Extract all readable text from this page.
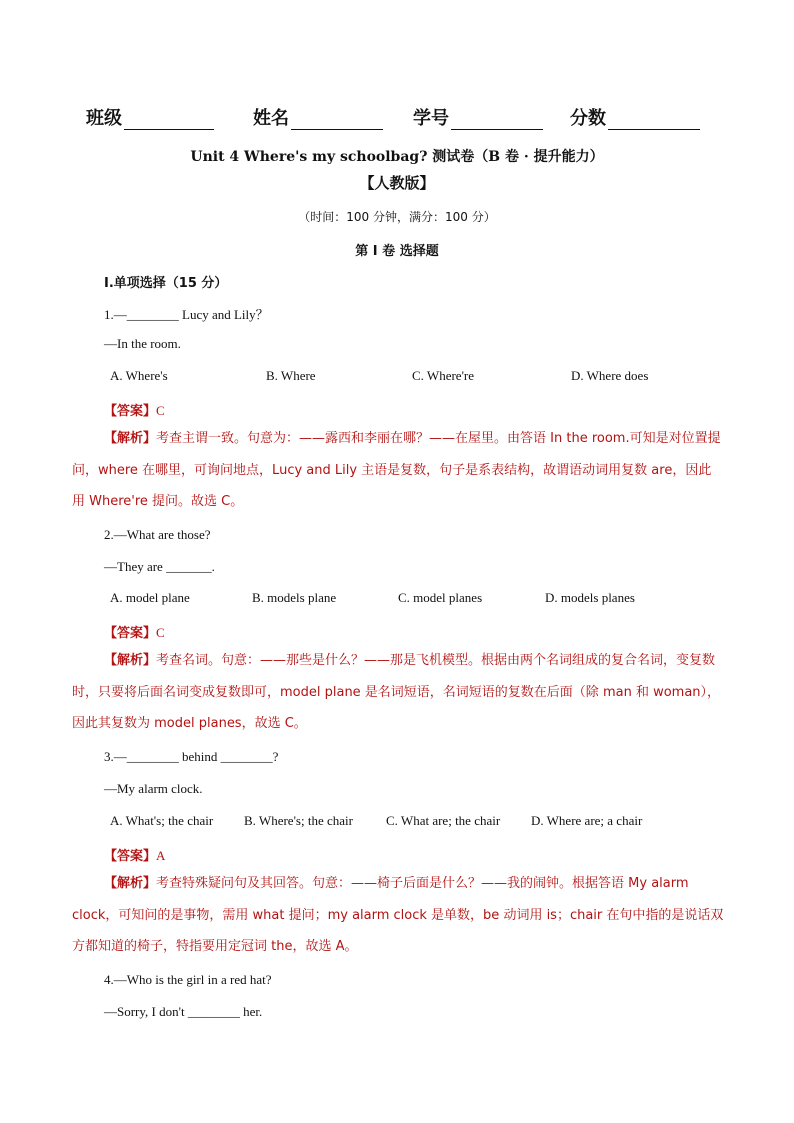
班级	姓名	学号	分数
Unit 4 Where's my schoolbag? 测试卷（B 卷 · 提升能力）
【人教版】
（时间：100 分钟，满分：100 分）
第 I 卷 选择题
Ⅰ.单项选择（15 分）
1.—________ Lucy and Lily？
—In the room.
A. Where's	B. Where	C. Where're	D. Where does
【答案】C
【解析】考查主谓一致。句意为：——露西和李丽在哪？——在屋里。由答语 In the room.可知是对位置提问，where 在哪里，可询问地点，Lucy and Lily 主语是复数，句子是系表结构，故谓语动词用复数 are，因此用 Where're 提问。故选 C。
2.—What are those?
—They are _______.
A. model plane	B. models plane	C. model planes	D. models planes
【答案】C
【解析】考查名词。句意：——那些是什么？——那是飞机模型。根据由两个名词组成的复合名词，变复数时，只要将后面名词变成复数即可，model plane 是名词短语，名词短语的复数在后面（除 man 和 woman），因此其复数为 model planes，故选 C。
3.—________ behind ________?
—My alarm clock.
A. What's; the chair B. Where's; the chair	C. What are; the chair D. Where are; a chair
【答案】A
【解析】考查特殊疑问句及其回答。句意：——椅子后面是什么？——我的闹钟。根据答语 My alarm clock，可知问的是事物，需用 what 提问；my alarm clock 是单数，be 动词用 is；chair 在句中指的是说话双方都知道的椅子，特指要用定冠词 the，故选 A。
4.—Who is the girl in a red hat?
—Sorry, I don't ________ her.
